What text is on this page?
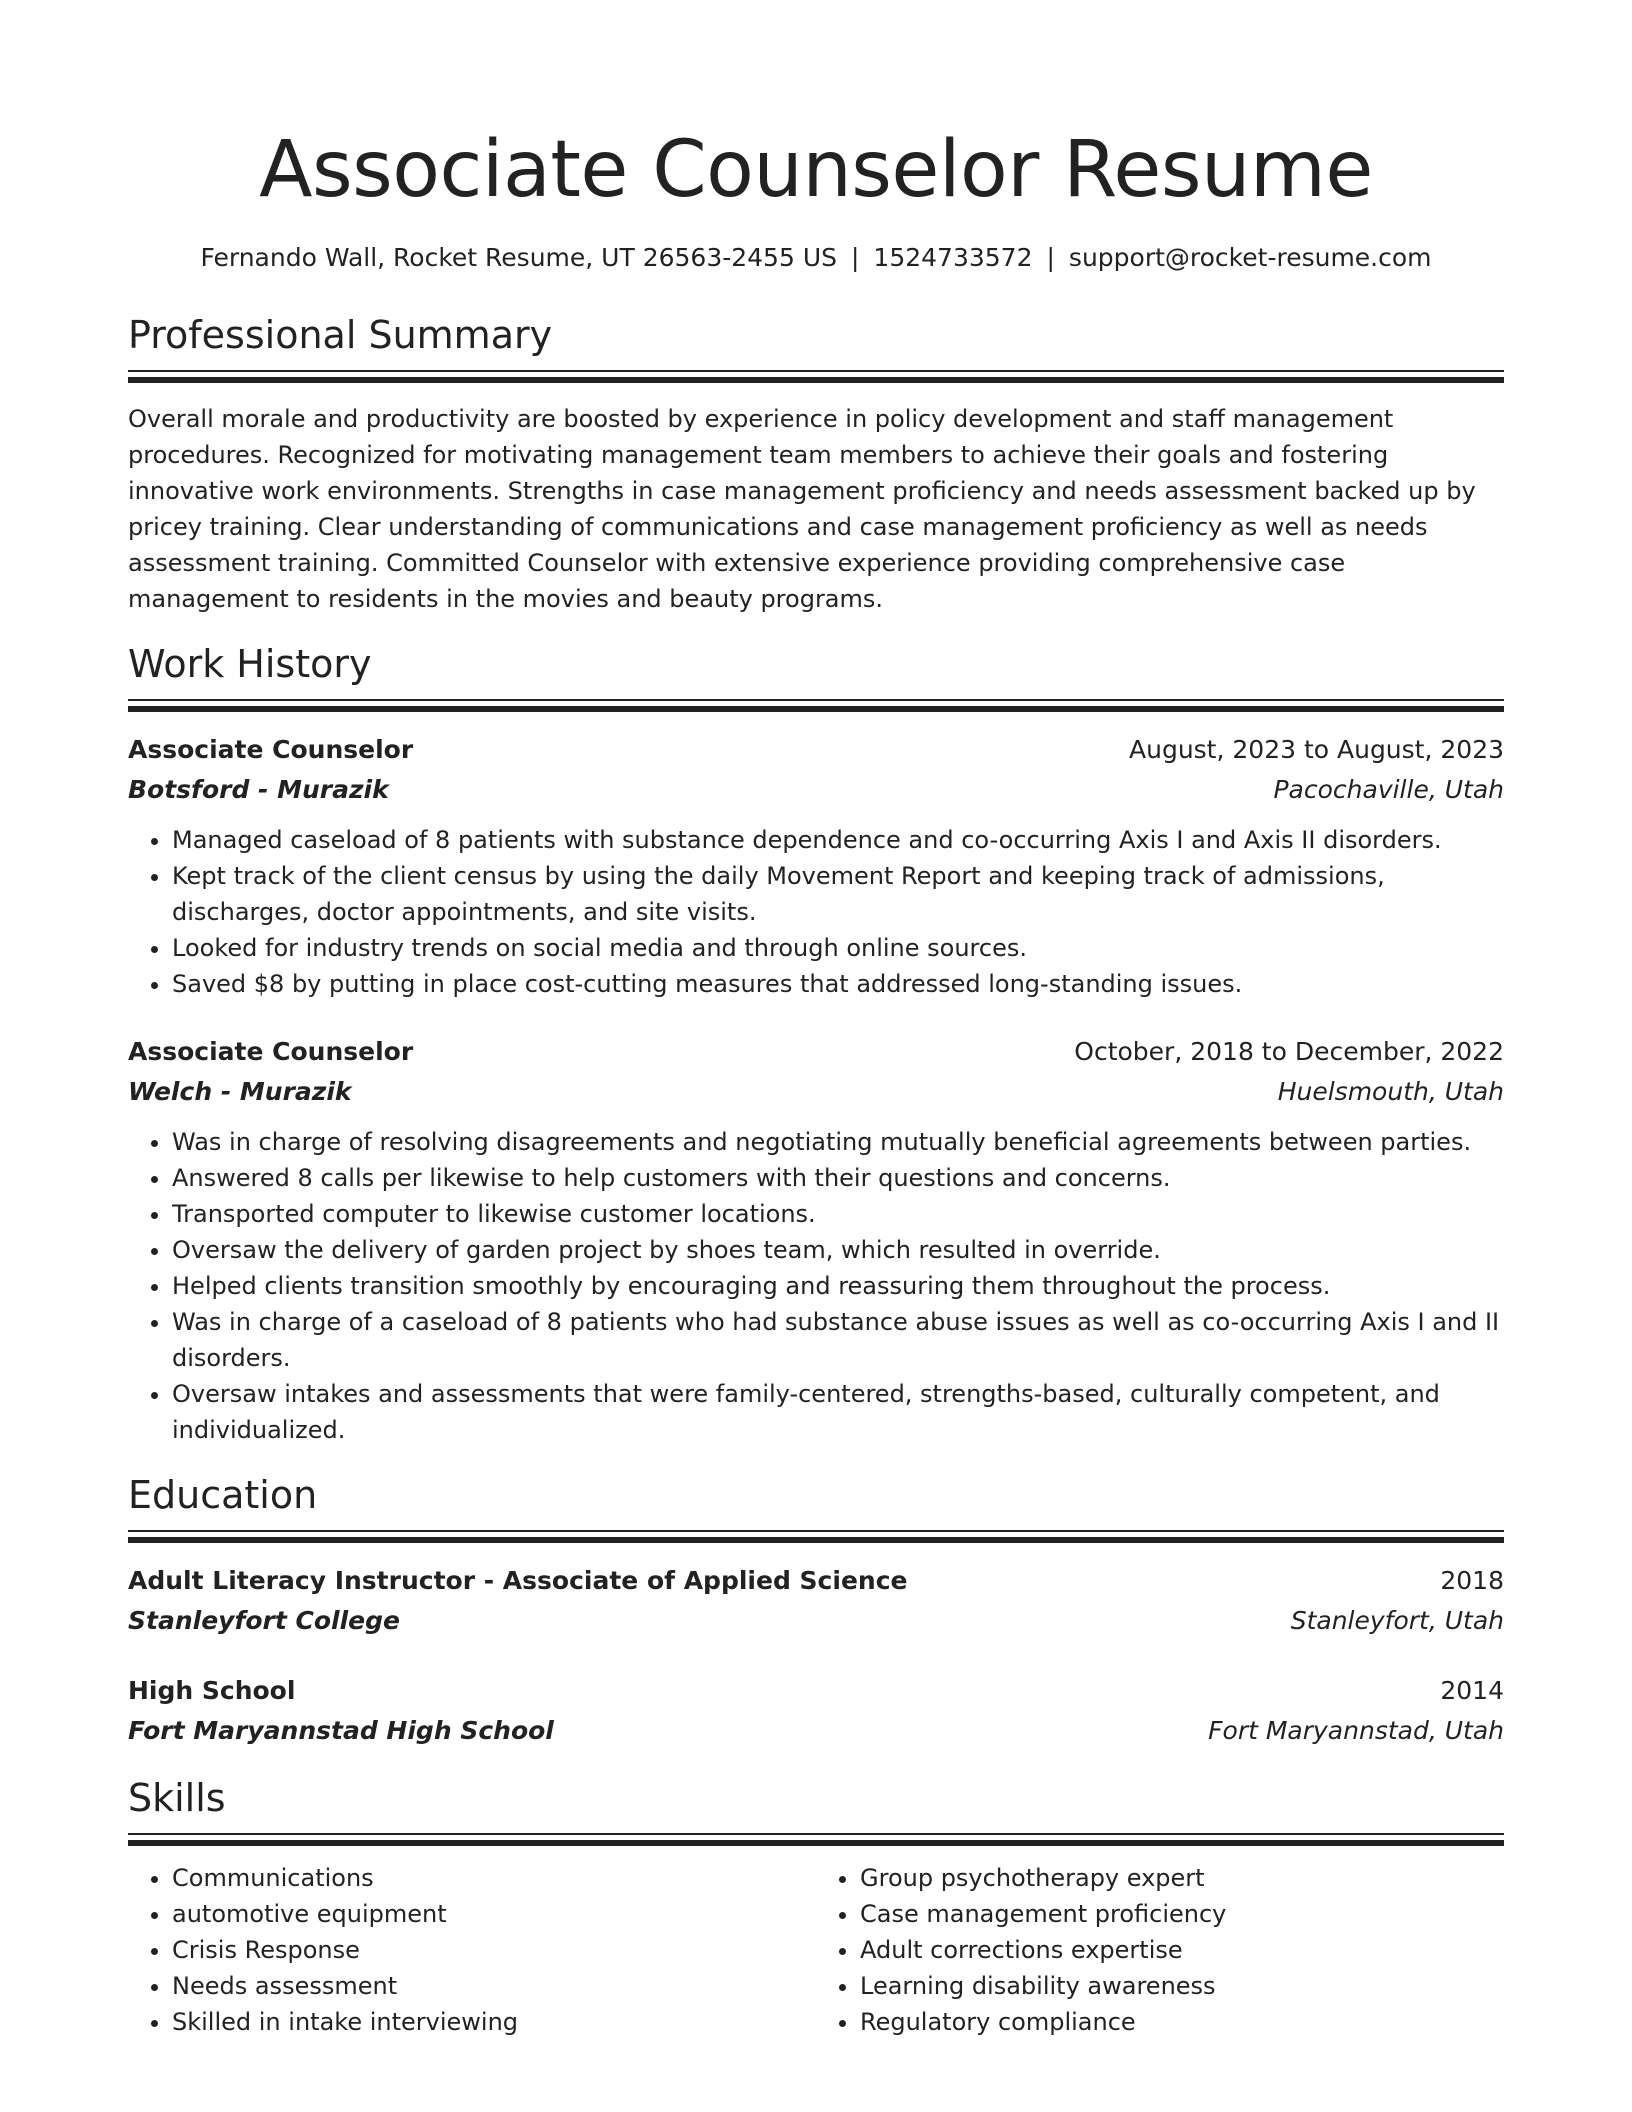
Associate Counselor Resume
Fernando Wall, Rocket Resume, UT 26563-2455 US | 1524733572 | support@rocket-resume.com
Professional Summary

Overall morale and productivity are boosted by experience in policy development and staff management procedures. Recognized for motivating management team members to achieve their goals and fostering innovative work environments. Strengths in case management proficiency and needs assessment backed up by pricey training. Clear understanding of communications and case management proficiency as well as needs assessment training. Committed Counselor with extensive experience providing comprehensive case management to residents in the movies and beauty programs.

Work History
Associate Counselor	August, 2023 to August, 2023
Botsford - Murazik	Pacochaville, Utah
• Managed caseload of 8 patients with substance dependence and co-occurring Axis I and Axis II disorders.
• Kept track of the client census by using the daily Movement Report and keeping track of admissions, discharges, doctor appointments, and site visits.
• Looked for industry trends on social media and through online sources.
• Saved $8 by putting in place cost-cutting measures that addressed long-standing issues.
Associate Counselor	October, 2018 to December, 2022
Welch - Murazik	Huelsmouth, Utah
• Was in charge of resolving disagreements and negotiating mutually beneficial agreements between parties.
• Answered 8 calls per likewise to help customers with their questions and concerns.
• Transported computer to likewise customer locations.
• Oversaw the delivery of garden project by shoes team, which resulted in override.
• Helped clients transition smoothly by encouraging and reassuring them throughout the process.
• Was in charge of a caseload of 8 patients who had substance abuse issues as well as co-occurring Axis I and II disorders.
• Oversaw intakes and assessments that were family-centered, strengths-based, culturally competent, and individualized.
Education
Adult Literacy Instructor - Associate of Applied Science	2018
Stanleyfort College	Stanleyfort, Utah
High School	2014
Fort Maryannstad High School	Fort Maryannstad, Utah
Skills
• Communications
• automotive equipment
• Crisis Response
• Needs assessment
• Skilled in intake interviewing
• Group psychotherapy expert
• Case management proficiency
• Adult corrections expertise
• Learning disability awareness
• Regulatory compliance
